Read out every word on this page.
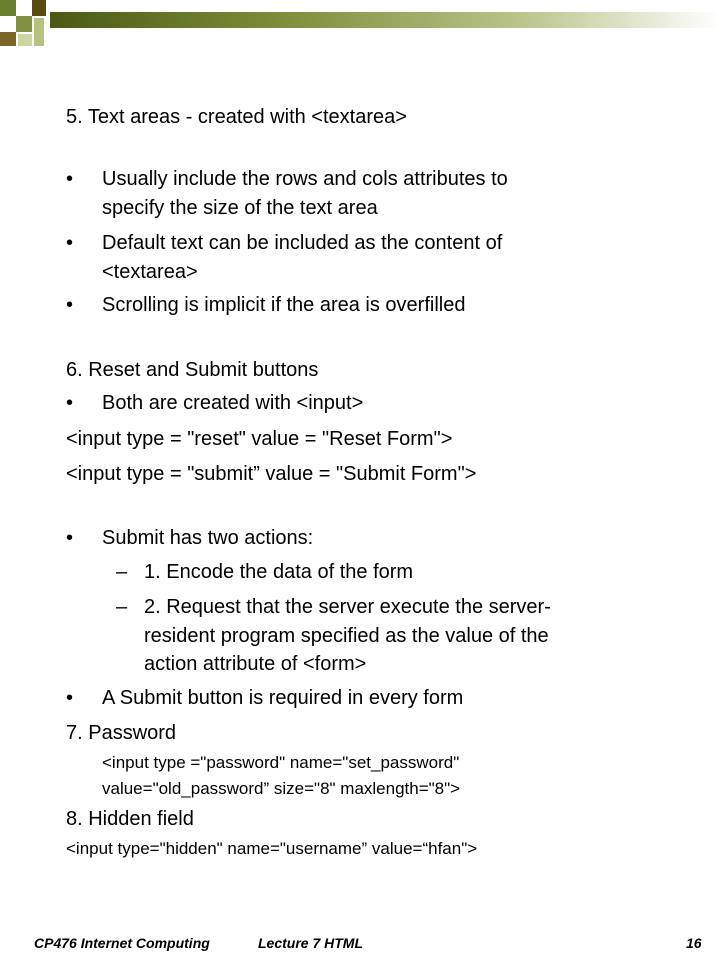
5. Text areas - created with <textarea>
• Usually include the rows and cols attributes to
specify the size of the text area
• Default text can be included as the content of
<textarea>
• Scrolling is implicit if the area is overfilled
6. Reset and Submit buttons
• Both are created with <input>
<input type = "reset" value = "Reset Form">
<input type = "submit” value = "Submit Form">
• Submit has two actions:
– 1. Encode the data of the form
– 2. Request that the server execute the server-
resident program specified as the value of the
action attribute of <form>
• A Submit button is required in every form
7. Password
<input type ="password" name="set_password"
value="old_password” size="8" maxlength="8">
8. Hidden field
<input type="hidden" name="username” value=“hfan">
CP476 Internet Computing	Lecture 7 HTML	16
